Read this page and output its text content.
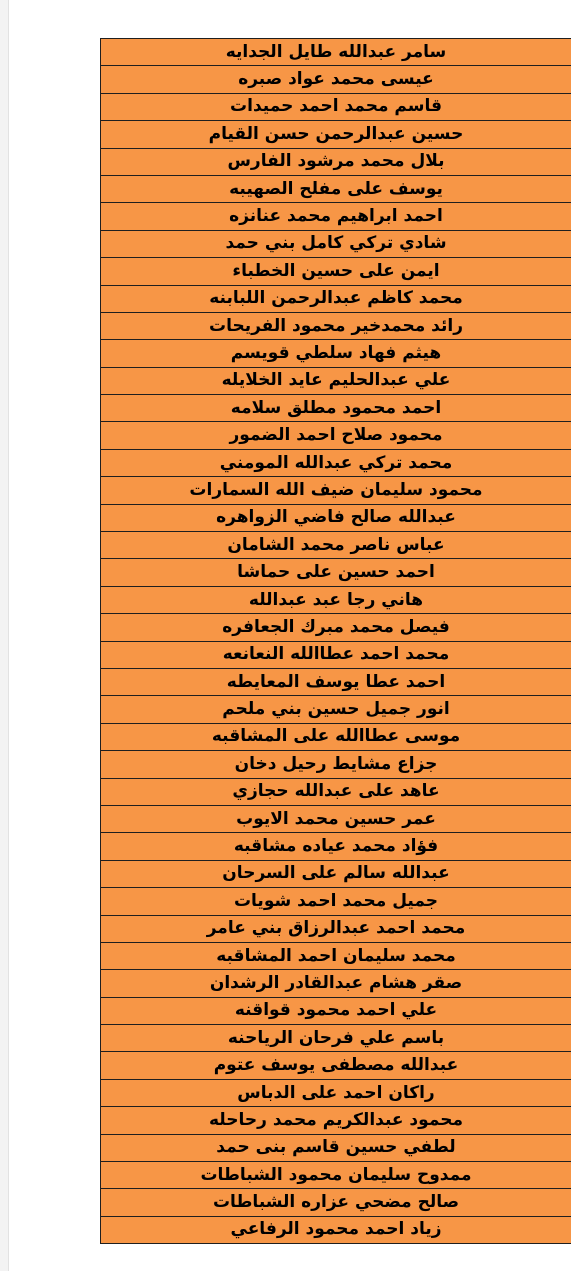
سامر عبدالله طايل الجدايه
عيسى محمد عواد صبره
قاسم محمد احمد حميدات
حسين عبدالرحمن حسن القيام
بلال محمد مرشود الفارس
يوسف على مفلح الصهيبه
احمد ابراهيم محمد عنانزه
شادي تركي كامل بني حمد
ايمن على حسين الخطباء
محمد كاظم عبدالرحمن اللبابنه
رائد محمدخير محمود الفريحات
هيثم فهاد سلطي قويسم
علي عبدالحليم عايد الخلايله
احمد محمود مطلق سلامه
محمود صلاح احمد الضمور
محمد تركي عبدالله المومني
محمود سليمان ضيف الله السمارات
عبدالله صالح فاضي الزواهره
عباس ناصر محمد الشامان
احمد حسين على حماشا
هاني رجا عبد عبدالله
فيصل محمد مبرك الجعافره
محمد احمد عطاالله النعانعه
احمد عطا يوسف المعايطه
انور جميل حسين بني ملحم
موسى عطاالله على المشاقبه
جزاع مشايط رحيل دخان
عاهد على عبدالله حجازي
عمر حسين محمد الايوب
فؤاد محمد عياده مشاقبه
عبدالله سالم على السرحان
جميل محمد احمد شويات
محمد احمد عبدالرزاق بني عامر
محمد سليمان احمد المشاقبه
صقر هشام عبدالقادر الرشدان
علي احمد محمود قواقنه
باسم علي فرحان الرياحنه
عبدالله مصطفى يوسف عتوم
راكان احمد على الدباس
محمود عبدالكريم محمد رحاحله
لطفي حسين قاسم بنى حمد
ممدوح سليمان محمود الشباطات
صالح مضحي عزاره الشباطات
زياد احمد محمود الرفاعي
